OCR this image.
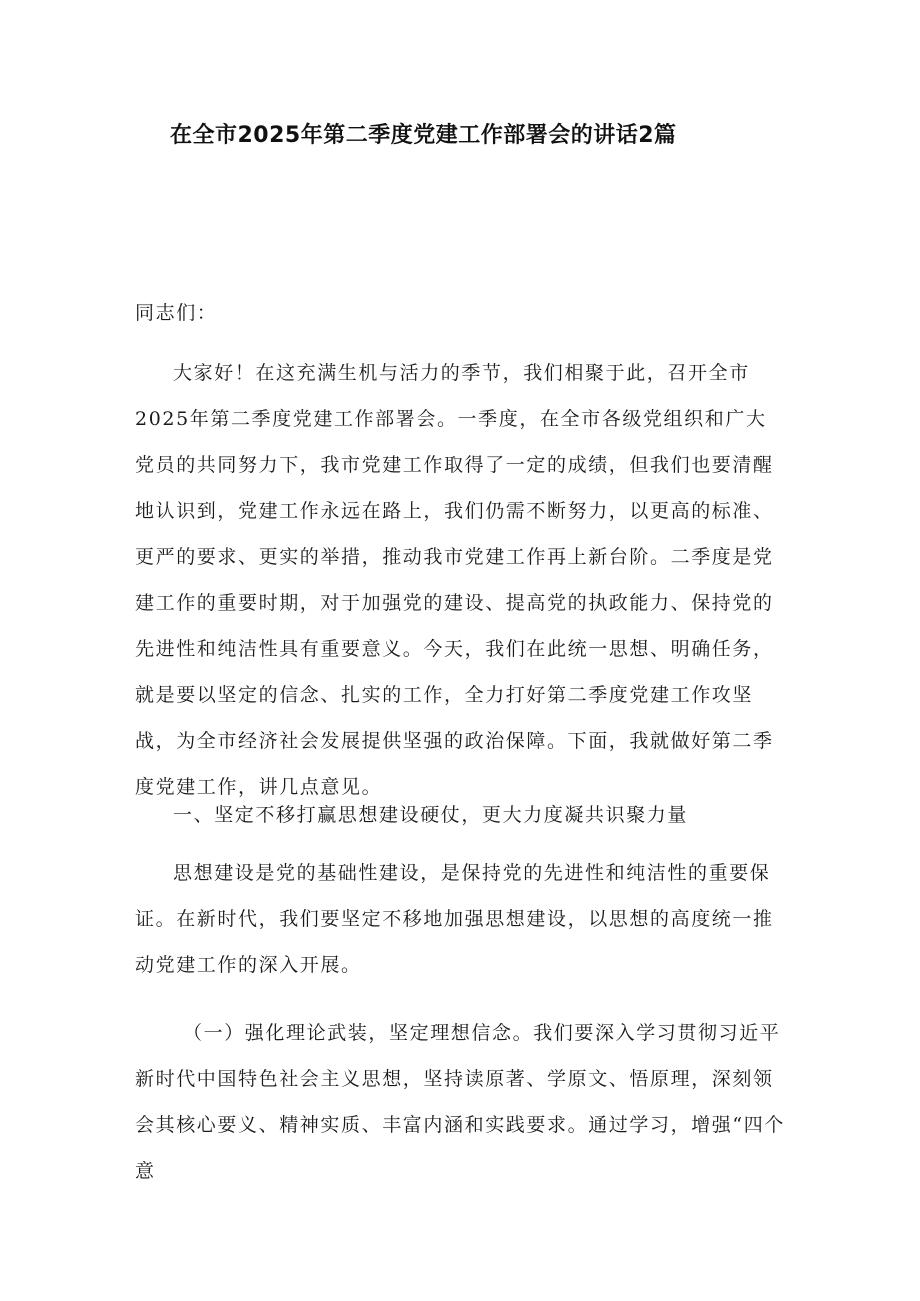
在全市2025年第二季度党建工作部署会的讲话2篇

同志们：

大家好！在这充满生机与活力的季节，我们相聚于此，召开全市2025年第二季度党建工作部署会。一季度，在全市各级党组织和广大党员的共同努力下，我市党建工作取得了一定的成绩，但我们也要清醒地认识到，党建工作永远在路上，我们仍需不断努力，以更高的标准、更严的要求、更实的举措，推动我市党建工作再上新台阶。二季度是党建工作的重要时期，对于加强党的建设、提高党的执政能力、保持党的先进性和纯洁性具有重要意义。今天，我们在此统一思想、明确任务，就是要以坚定的信念、扎实的工作，全力打好第二季度党建工作攻坚战，为全市经济社会发展提供坚强的政治保障。下面，我就做好第二季度党建工作，讲几点意见。

一、坚定不移打赢思想建设硬仗，更大力度凝共识聚力量

思想建设是党的基础性建设，是保持党的先进性和纯洁性的重要保证。在新时代，我们要坚定不移地加强思想建设，以思想的高度统一推动党建工作的深入开展。

（一）强化理论武装，坚定理想信念。我们要深入学习贯彻习近平新时代中国特色社会主义思想，坚持读原著、学原文、悟原理，深刻领会其核心要义、精神实质、丰富内涵和实践要求。通过学习，增强“四个意
